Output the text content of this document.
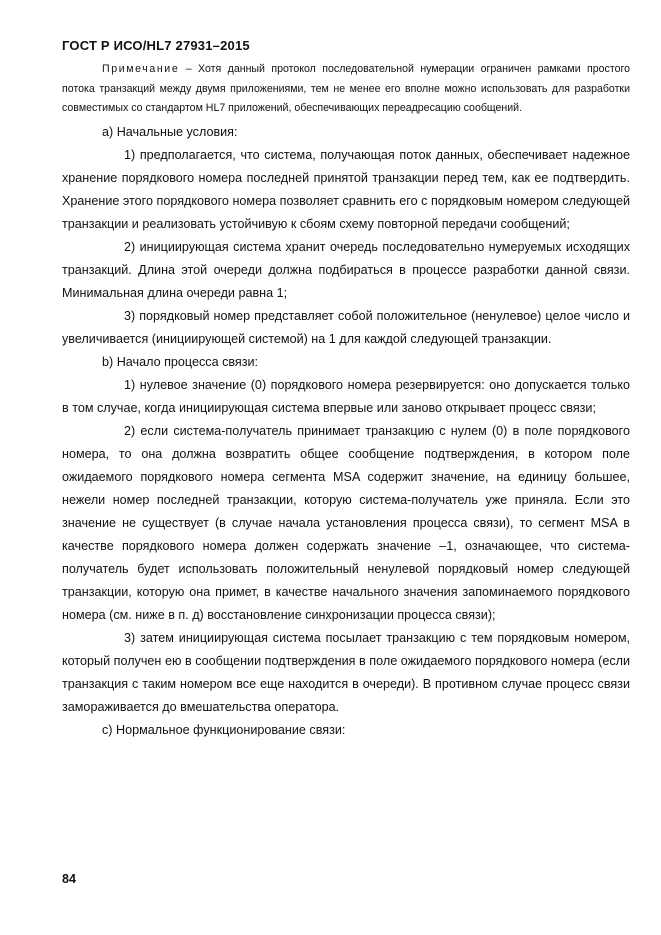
ГОСТ Р ИСО/HL7 27931–2015

Примечание – Хотя данный протокол последовательной нумерации ограничен рамками простого потока транзакций между двумя приложениями, тем не менее его вполне можно использовать для разработки совместимых со стандартом HL7 приложений, обеспечивающих переадресацию сообщений.

a) Начальные условия:

1) предполагается, что система, получающая поток данных, обеспечивает надежное хранение порядкового номера последней принятой транзакции перед тем, как ее подтвердить. Хранение этого порядкового номера позволяет сравнить его с порядковым номером следующей транзакции и реализовать устойчивую к сбоям схему повторной передачи сообщений;

2) инициирующая система хранит очередь последовательно нумеруемых исходящих транзакций. Длина этой очереди должна подбираться в процессе разработки данной связи. Минимальная длина очереди равна 1;

3) порядковый номер представляет собой положительное (ненулевое) целое число и увеличивается (инициирующей системой) на 1 для каждой следующей транзакции.

b) Начало процесса связи:

1) нулевое значение (0) порядкового номера резервируется: оно допускается только в том случае, когда инициирующая система впервые или заново открывает процесс связи;

2) если система-получатель принимает транзакцию с нулем (0) в поле порядкового номера, то она должна возвратить общее сообщение подтверждения, в котором поле ожидаемого порядкового номера сегмента MSA содержит значение, на единицу большее, нежели номер последней транзакции, которую система-получатель уже приняла. Если это значение не существует (в случае начала установления процесса связи), то сегмент MSA в качестве порядкового номера должен содержать значение –1, означающее, что система-получатель будет использовать положительный ненулевой порядковый номер следующей транзакции, которую она примет, в качестве начального значения запоминаемого порядкового номера (см. ниже в п. д) восстановление синхронизации процесса связи);

3) затем инициирующая система посылает транзакцию с тем порядковым номером, который получен ею в сообщении подтверждения в поле ожидаемого порядкового номера (если транзакция с таким номером все еще находится в очереди). В противном случае процесс связи замораживается до вмешательства оператора.

c) Нормальное функционирование связи:

84
